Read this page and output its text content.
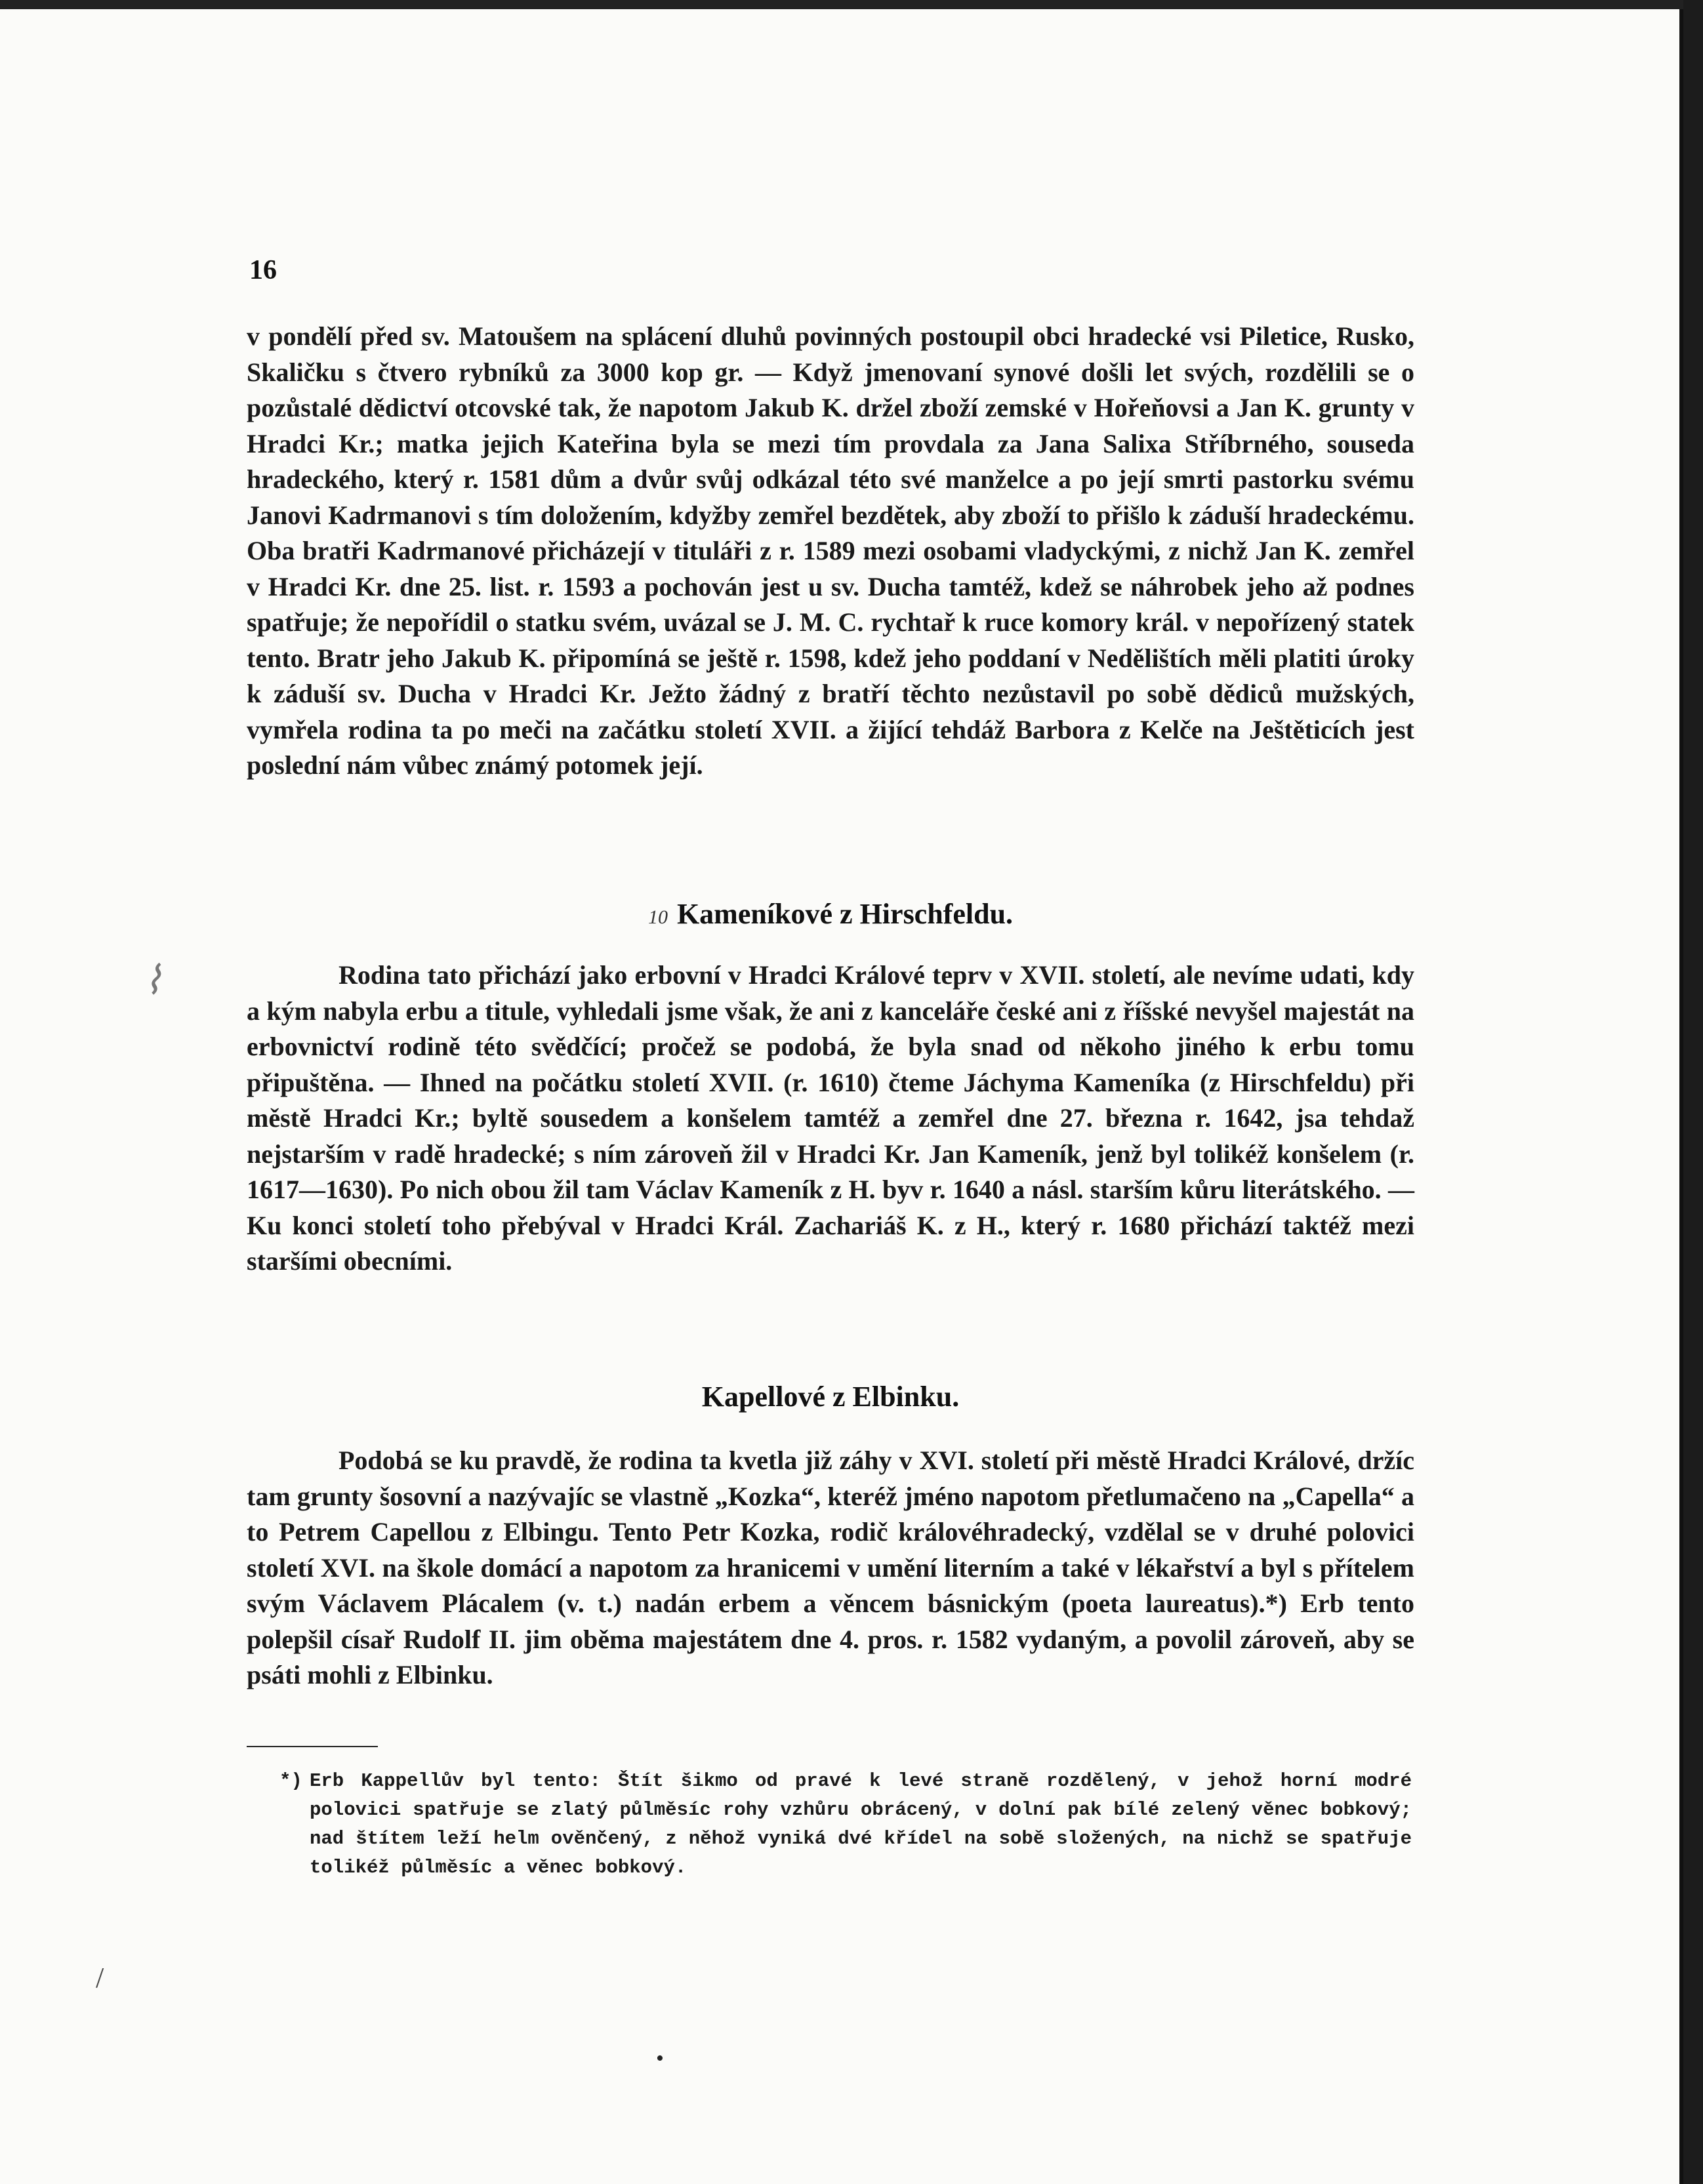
16

v pondělí před sv. Matoušem na splácení dluhů povinných postoupil obci hradecké vsi Piletice, Rusko, Skaličku s čtvero rybníků za 3000 kop gr. — Když jmenovaní synové došli let svých, rozdělili se o pozůstalé dědictví otcovské tak, že napotom Jakub K. držel zboží zemské v Hořeňovsi a Jan K. grunty v Hradci Kr.; matka jejich Kateřina byla se mezi tím provdala za Jana Salixa Stříbrného, souseda hradeckého, který r. 1581 dům a dvůr svůj odkázal této své manželce a po její smrti pastorku svému Janovi Kadrmanovi s tím doložením, kdyžby zemřel bezdětek, aby zboží to přišlo k záduší hradeckému. Oba bratři Kadrmanové přicházejí v tituláři z r. 1589 mezi osobami vladyckými, z nichž Jan K. zemřel v Hradci Kr. dne 25. list. r. 1593 a pochován jest u sv. Ducha tamtéž, kdež se náhrobek jeho až podnes spatřuje; že nepořídil o statku svém, uvázal se J. M. C. rychtař k ruce komory král. v nepořízený statek tento. Bratr jeho Jakub K. připomíná se ještě r. 1598, kdež jeho poddaní v Nedělištích měli platiti úroky k záduší sv. Ducha v Hradci Kr. Ježto žádný z bratří těchto nezůstavil po sobě dědiců mužských, vymřela rodina ta po meči na začátku století XVII. a žijící tehdáž Barbora z Kelče na Ještěticích jest poslední nám vůbec známý potomek její.

10 Kameníkové z Hirschfeldu.

Rodina tato přichází jako erbovní v Hradci Králové teprv v XVII. století, ale nevíme udati, kdy a kým nabyla erbu a titule, vyhledali jsme však, že ani z kanceláře české ani z říšské nevyšel majestát na erbovnictví rodině této svědčící; pročež se podobá, že byla snad od někoho jiného k erbu tomu připuštěna. — Ihned na počátku století XVII. (r. 1610) čteme Jáchyma Kameníka (z Hirschfeldu) při městě Hradci Kr.; byltě sousedem a konšelem tamtéž a zemřel dne 27. března r. 1642, jsa tehdaž nejstarším v radě hradecké; s ním zároveň žil v Hradci Kr. Jan Kameník, jenž byl tolikéž konšelem (r. 1617—1630). Po nich obou žil tam Václav Kameník z H. byv r. 1640 a násl. starším kůru literátského. — Ku konci století toho přebýval v Hradci Král. Zachariáš K. z H., který r. 1680 přichází taktéž mezi staršími obecními.

Kapellové z Elbinku.

Podobá se ku pravdě, že rodina ta kvetla již záhy v XVI. století při městě Hradci Králové, držíc tam grunty šosovní a nazývajíc se vlastně „Kozka“, kteréž jméno napotom přetlumačeno na „Capella“ a to Petrem Capellou z Elbingu. Tento Petr Kozka, rodič královéhradecký, vzdělal se v druhé polovici století XVI. na škole domácí a napotom za hranicemi v umění literním a také v lékařství a byl s přítelem svým Václavem Plácalem (v. t.) nadán erbem a věncem básnickým (poeta laureatus).*) Erb tento polepšil císař Rudolf II. jim oběma majestátem dne 4. pros. r. 1582 vydaným, a povolil zároveň, aby se psáti mohli z Elbinku.

*) Erb Kappellův byl tento: Štít šikmo od pravé k levé straně rozdělený, v jehož horní modré polovici spatřuje se zlatý půlměsíc rohy vzhůru obrácený, v dolní pak bílé zelený věnec bobkový; nad štítem leží helm ověnčený, z něhož vyniká dvé křídel na sobě složených, na nichž se spatřuje tolikéž půlměsíc a věnec bobkový.

⌇
/
•
